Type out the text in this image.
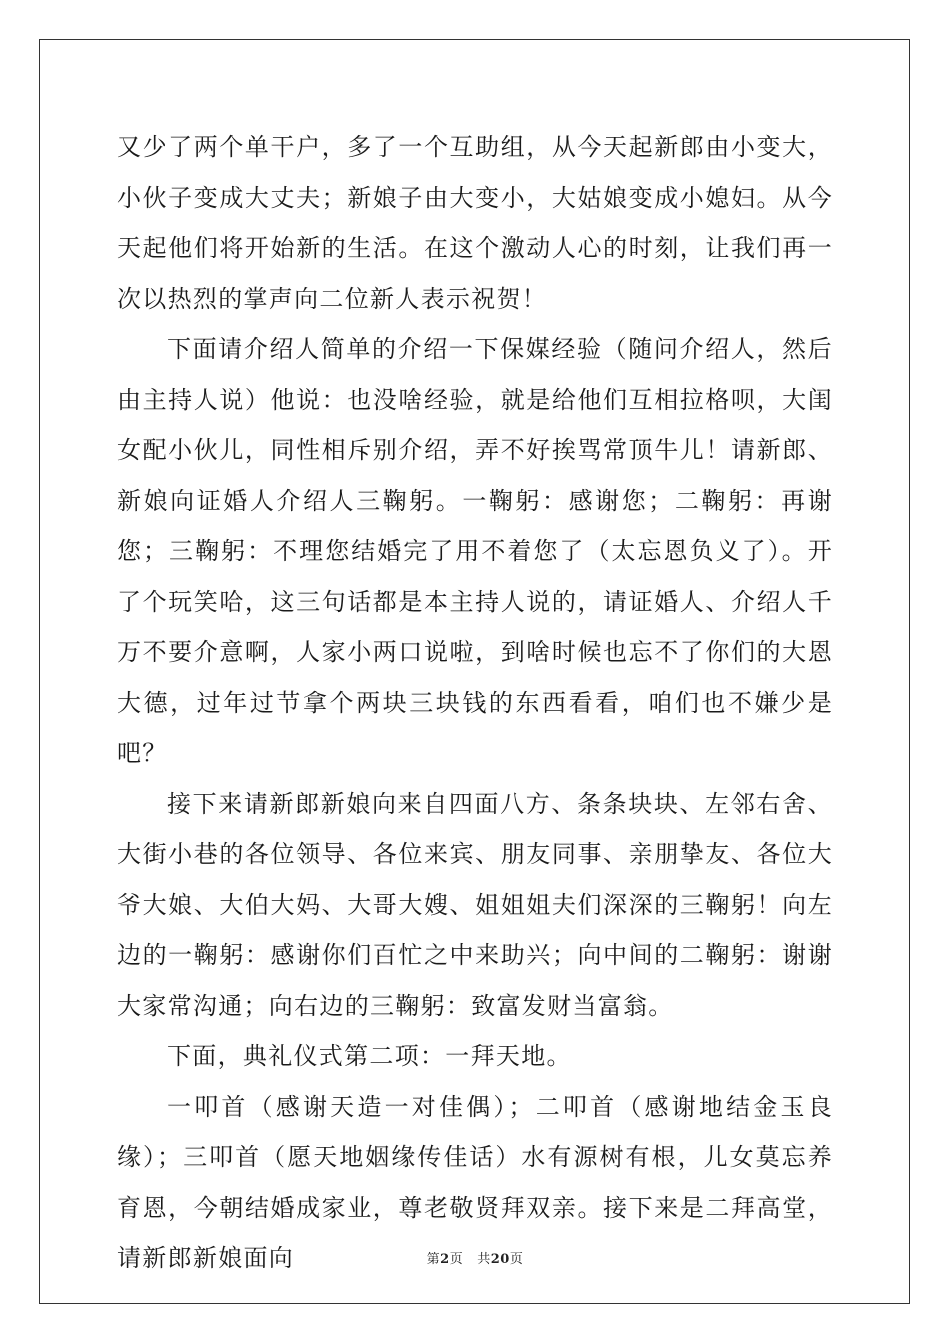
又少了两个单干户，多了一个互助组，从今天起新郎由小变大，小伙子变成大丈夫；新娘子由大变小，大姑娘变成小媳妇。从今天起他们将开始新的生活。在这个激动人心的时刻，让我们再一次以热烈的掌声向二位新人表示祝贺！

下面请介绍人简单的介绍一下保媒经验（随问介绍人，然后由主持人说）他说：也没啥经验，就是给他们互相拉格呗，大闺女配小伙儿，同性相斥别介绍，弄不好挨骂常顶牛儿！请新郎、新娘向证婚人介绍人三鞠躬。一鞠躬：感谢您；二鞠躬：再谢您；三鞠躬：不理您结婚完了用不着您了（太忘恩负义了）。开了个玩笑哈，这三句话都是本主持人说的，请证婚人、介绍人千万不要介意啊，人家小两口说啦，到啥时候也忘不了你们的大恩大德，过年过节拿个两块三块钱的东西看看，咱们也不嫌少是吧？

接下来请新郎新娘向来自四面八方、条条块块、左邻右舍、大街小巷的各位领导、各位来宾、朋友同事、亲朋挚友、各位大爷大娘、大伯大妈、大哥大嫂、姐姐姐夫们深深的三鞠躬！向左边的一鞠躬：感谢你们百忙之中来助兴；向中间的二鞠躬：谢谢大家常沟通；向右边的三鞠躬：致富发财当富翁。

下面，典礼仪式第二项：一拜天地。

一叩首（感谢天造一对佳偶）；二叩首（感谢地结金玉良缘）；三叩首（愿天地姻缘传佳话）水有源树有根，儿女莫忘养育恩，今朝结婚成家业，尊老敬贤拜双亲。接下来是二拜高堂，请新郎新娘面向	第2页 共20页
